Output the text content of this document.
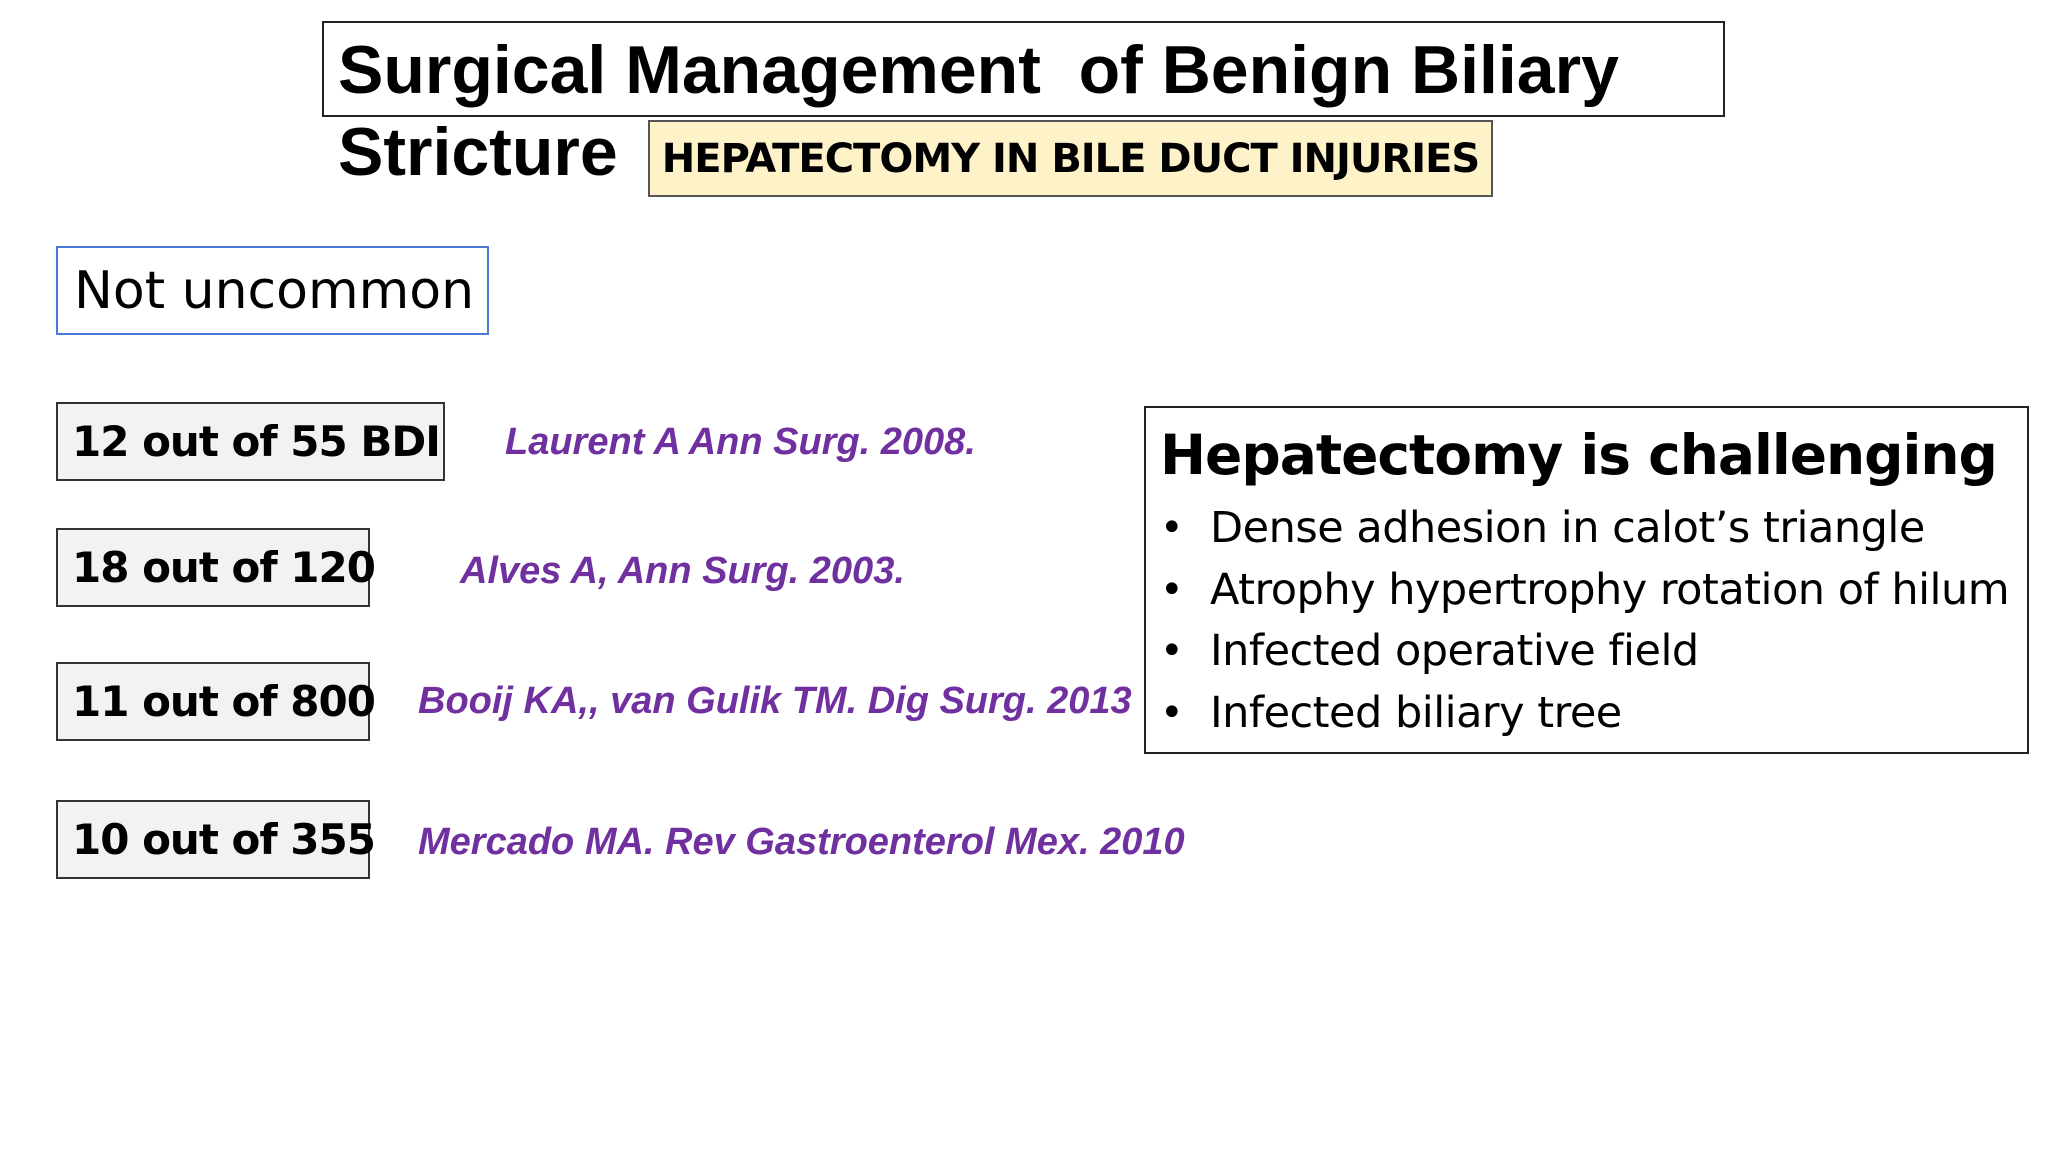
Surgical Management  of Benign Biliary
Stricture	HEPATECTOMY IN BILE DUCT INJURIES
Not uncommon
12 out of 55 BDI Laurent A Ann Surg. 2008.
18 out of 120 Alves A, Ann Surg. 2003.
11 out of 800 Booij KA,, van Gulik TM. Dig Surg. 2013
10 out of 355 Mercado MA. Rev Gastroenterol Mex. 2010
Hepatectomy is challenging
• Dense adhesion in calot’s triangle
• Atrophy hypertrophy rotation of hilum
• Infected operative field
• Infected biliary tree
